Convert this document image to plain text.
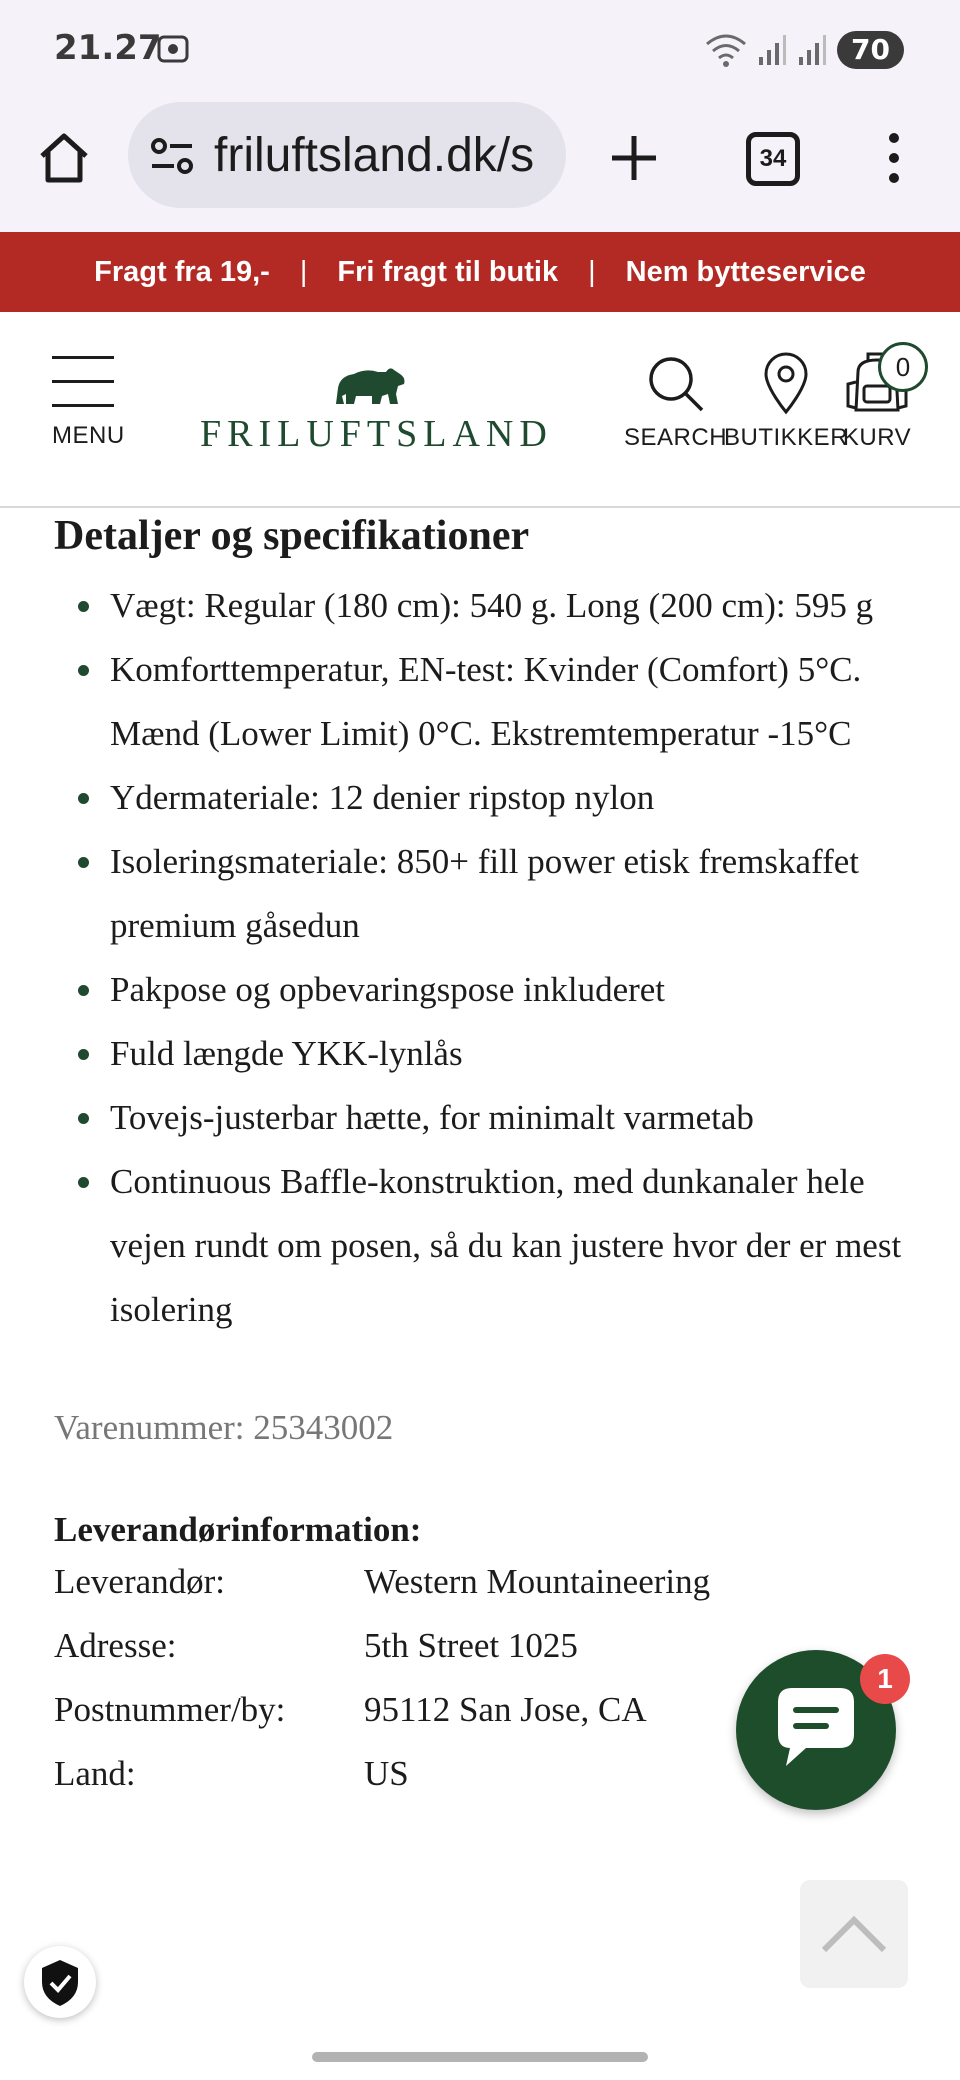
21.27	70
friluftsland.dk/s	34
Fragt fra 19,- | Fri fragt til butik | Nem bytteservice
MENU FRILUFTSLAND	SEARCH
BUTIKKER
KURV
0
Detaljer og specifikationer
Vægt: Regular (180 cm): 540 g. Long (200 cm): 595 g
Komforttemperatur, EN-test: Kvinder (Comfort) 5°C. Mænd (Lower Limit) 0°C. Ekstremtemperatur -15°C
Ydermateriale: 12 denier ripstop nylon
Isoleringsmateriale: 850+ fill power etisk fremskaffet premium gåsedun
Pakpose og opbevaringspose inkluderet
Fuld længde YKK-lynlås
Tovejs-justerbar hætte, for minimalt varmetab
Continuous Baffle-konstruktion, med dunkanaler hele vejen rundt om posen, så du kan justere hvor der er mest isolering
Varenummer: 25343002
Leverandørinformation:
Leverandør:	Western Mountaineering
Adresse:	5th Street 1025
Postnummer/by:	95112 San Jose, CA
Land:	US
1
